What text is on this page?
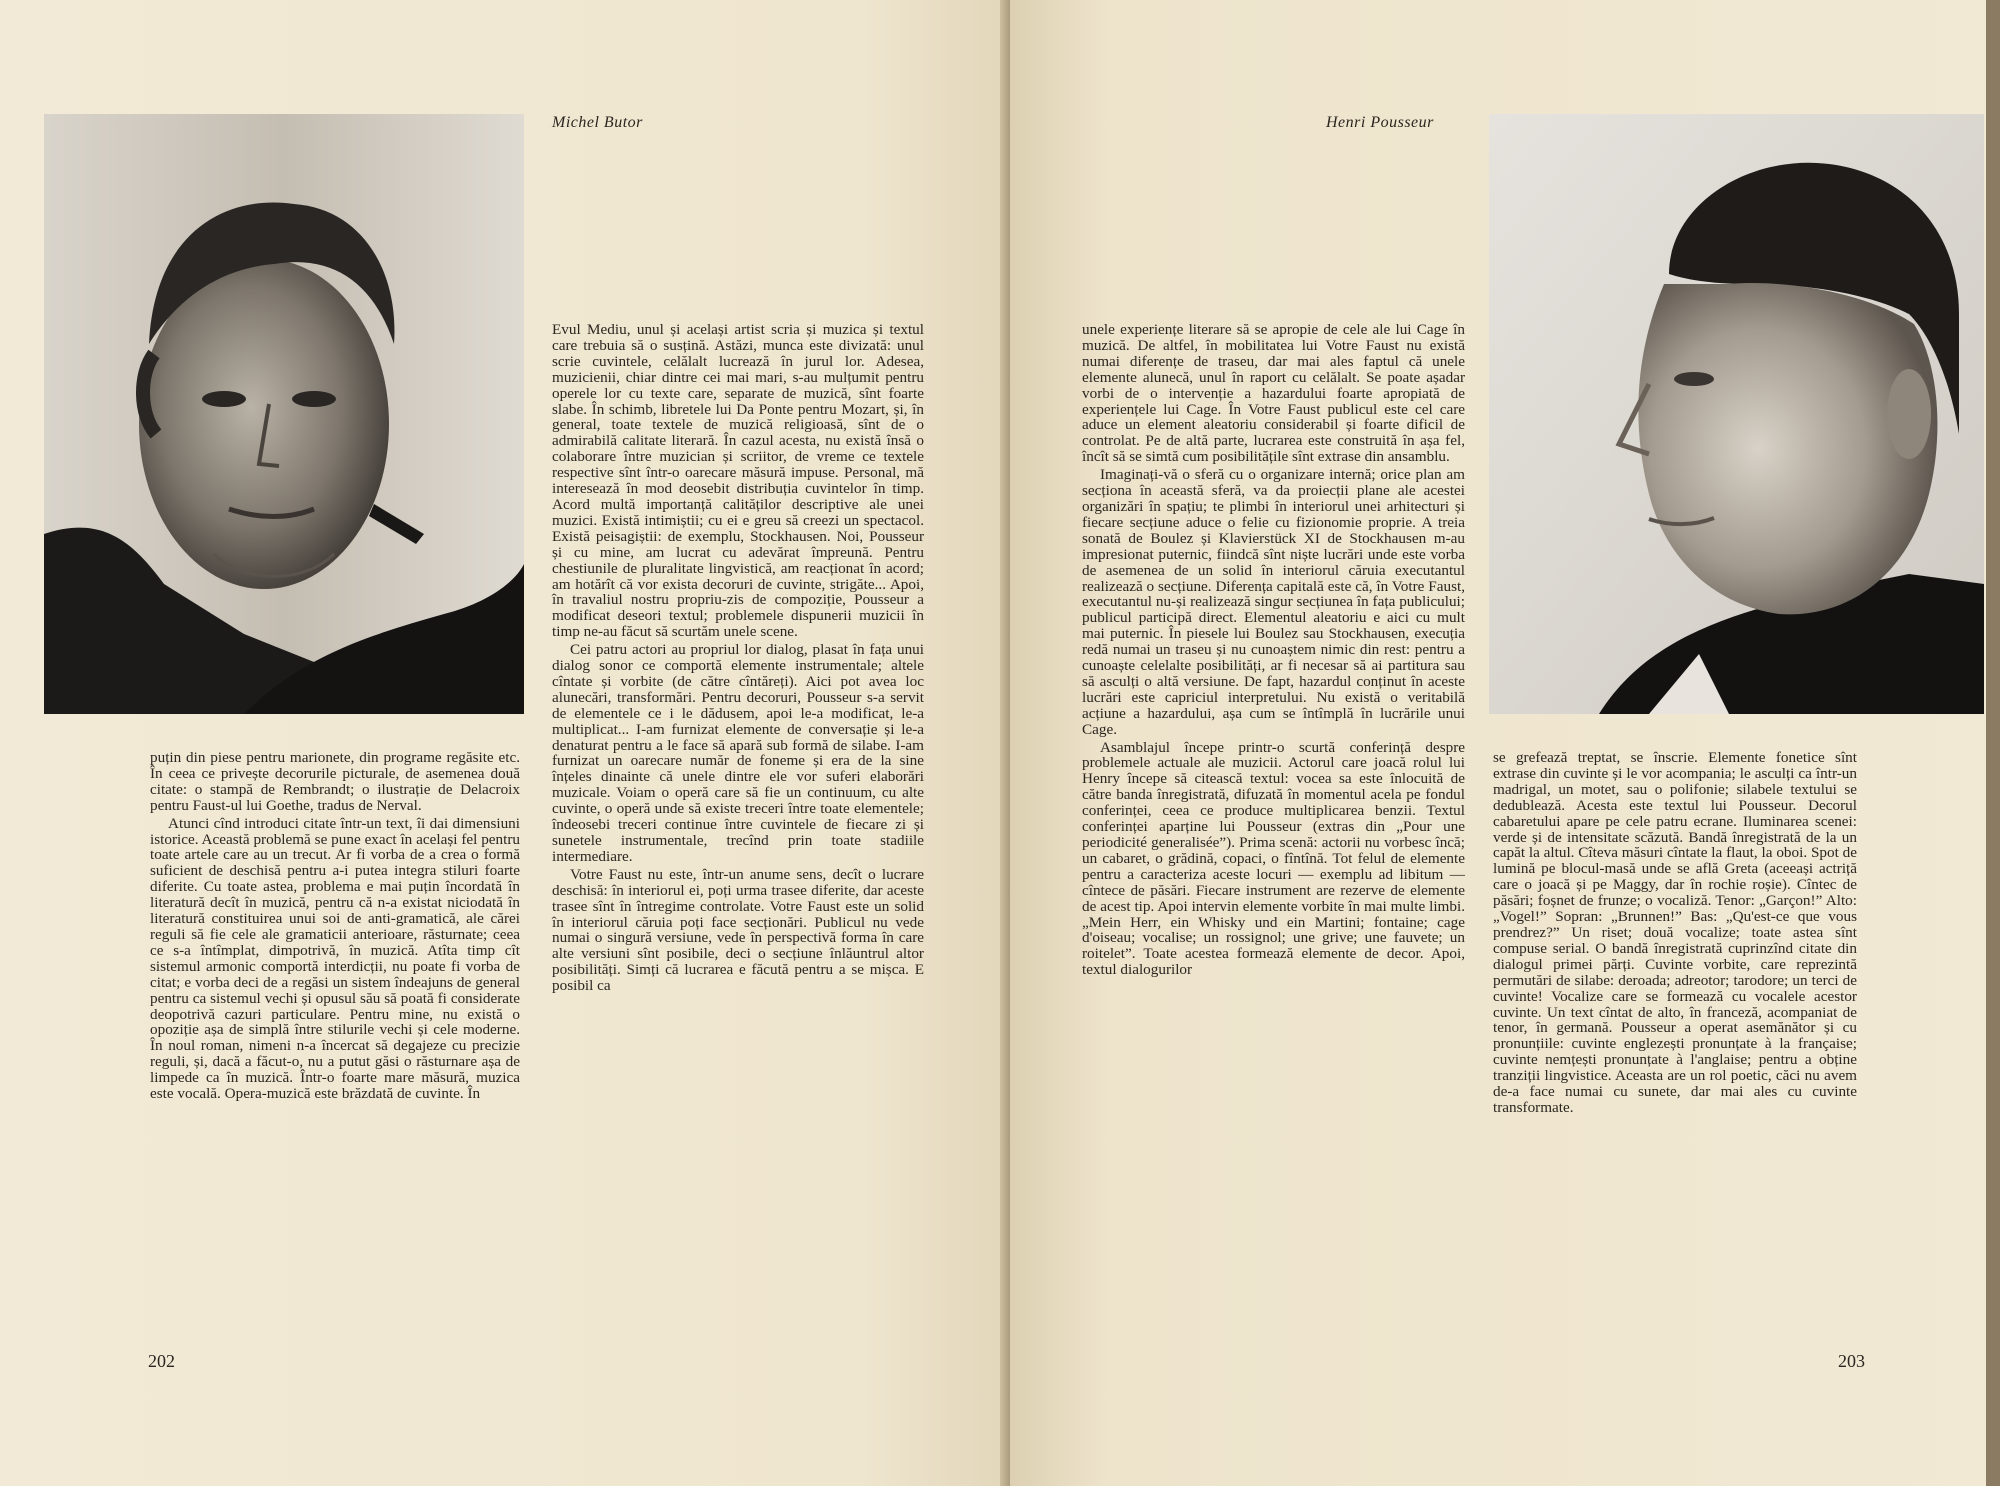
Michel Butor

puțin din piese pentru marionete, din programe regăsite etc. În ceea ce privește decorurile picturale, de asemenea două citate: o stampă de Rembrandt; o ilustrație de Delacroix pentru Faust-ul lui Goethe, tradus de Nerval.

Atunci cînd introduci citate într-un text, îi dai dimensiuni istorice. Această problemă se pune exact în același fel pentru toate artele care au un trecut. Ar fi vorba de a crea o formă suficient de deschisă pentru a-i putea integra stiluri foarte diferite. Cu toate astea, problema e mai puțin încordată în literatură decît în muzică, pentru că n-a existat niciodată în literatură constituirea unui soi de anti-gramatică, ale cărei reguli să fie cele ale gramaticii anterioare, răsturnate; ceea ce s-a întîmplat, dimpotrivă, în muzică. Atîta timp cît sistemul armonic comportă interdicții, nu poate fi vorba de citat; e vorba deci de a regăsi un sistem îndeajuns de general pentru ca sistemul vechi și opusul său să poată fi considerate deopotrivă cazuri particulare. Pentru mine, nu există o opoziție așa de simplă între stilurile vechi și cele moderne. În noul roman, nimeni n-a încercat să degajeze cu precizie reguli, și, dacă a făcut-o, nu a putut găsi o răsturnare așa de limpede ca în muzică. Într-o foarte mare măsură, muzica este vocală. Opera-muzică este brăzdată de cuvinte. În

Evul Mediu, unul și același artist scria și muzica și textul care trebuia să o susțină. Astăzi, munca este divizată: unul scrie cuvintele, celălalt lucrează în jurul lor. Adesea, muzicienii, chiar dintre cei mai mari, s-au mulțumit pentru operele lor cu texte care, separate de muzică, sînt foarte slabe. În schimb, libretele lui Da Ponte pentru Mozart, și, în general, toate textele de muzică religioasă, sînt de o admirabilă calitate literară. În cazul acesta, nu există însă o colaborare între muzician și scriitor, de vreme ce textele respective sînt într-o oarecare măsură impuse. Personal, mă interesează în mod deosebit distribuția cuvintelor în timp. Acord multă importanță calităților descriptive ale unei muzici. Există intimiștii; cu ei e greu să creezi un spectacol. Există peisagiștii: de exemplu, Stockhausen. Noi, Pousseur și cu mine, am lucrat cu adevărat împreună. Pentru chestiunile de pluralitate lingvistică, am reacționat în acord; am hotărît că vor exista decoruri de cuvinte, strigăte... Apoi, în travaliul nostru propriu-zis de compoziție, Pousseur a modificat deseori textul; problemele dispunerii muzicii în timp ne-au făcut să scurtăm unele scene.

Cei patru actori au propriul lor dialog, plasat în fața unui dialog sonor ce comportă elemente instrumentale; altele cîntate și vorbite (de către cîntăreți). Aici pot avea loc alunecări, transformări. Pentru decoruri, Pousseur s-a servit de elementele ce i le dădusem, apoi le-a modificat, le-a multiplicat... I-am furnizat elemente de conversație și le-a denaturat pentru a le face să apară sub formă de silabe. I-am furnizat un oarecare număr de foneme și era de la sine înțeles dinainte că unele dintre ele vor suferi elaborări muzicale. Voiam o operă care să fie un continuum, cu alte cuvinte, o operă unde să existe treceri între toate elementele; îndeosebi treceri continue între cuvintele de fiecare zi și sunetele instrumentale, trecînd prin toate stadiile intermediare.

Votre Faust nu este, într-un anume sens, decît o lucrare deschisă: în interiorul ei, poți urma trasee diferite, dar aceste trasee sînt în întregime controlate. Votre Faust este un solid în interiorul căruia poți face secționări. Publicul nu vede numai o singură versiune, vede în perspectivă forma în care alte versiuni sînt posibile, deci o secțiune înlăuntrul altor posibilități. Simți că lucrarea e făcută pentru a se mișca. E posibil ca

202
Henri Pousseur

unele experiențe literare să se apropie de cele ale lui Cage în muzică. De altfel, în mobilitatea lui Votre Faust nu există numai diferențe de traseu, dar mai ales faptul că unele elemente alunecă, unul în raport cu celălalt. Se poate așadar vorbi de o intervenție a hazardului foarte apropiată de experiențele lui Cage. În Votre Faust publicul este cel care aduce un element aleatoriu considerabil și foarte dificil de controlat. Pe de altă parte, lucrarea este construită în așa fel, încît să se simtă cum posibilitățile sînt extrase din ansamblu.

Imaginați-vă o sferă cu o organizare internă; orice plan am secționa în această sferă, va da proiecții plane ale acestei organizări în spațiu; te plimbi în interiorul unei arhitecturi și fiecare secțiune aduce o felie cu fizionomie proprie. A treia sonată de Boulez și Klavierstück XI de Stockhausen m-au impresionat puternic, fiindcă sînt niște lucrări unde este vorba de asemenea de un solid în interiorul căruia executantul realizează o secțiune. Diferența capitală este că, în Votre Faust, executantul nu-și realizează singur secțiunea în fața publicului; publicul participă direct. Elementul aleatoriu e aici cu mult mai puternic. În piesele lui Boulez sau Stockhausen, execuția redă numai un traseu și nu cunoaștem nimic din rest: pentru a cunoaște celelalte posibilități, ar fi necesar să ai partitura sau să asculți o altă versiune. De fapt, hazardul conținut în aceste lucrări este capriciul interpretului. Nu există o veritabilă acțiune a hazardului, așa cum se întîmplă în lucrările unui Cage.

Asamblajul începe printr-o scurtă conferință despre problemele actuale ale muzicii. Actorul care joacă rolul lui Henry începe să citească textul: vocea sa este înlocuită de către banda înregistrată, difuzată în momentul acela pe fondul conferinței, ceea ce produce multiplicarea benzii. Textul conferinței aparține lui Pousseur (extras din „Pour une periodicité generalisée”). Prima scenă: actorii nu vorbesc încă; un cabaret, o grădină, copaci, o fîntînă. Tot felul de elemente pentru a caracteriza aceste locuri — exemplu ad libitum — cîntece de păsări. Fiecare instrument are rezerve de elemente de acest tip. Apoi intervin elemente vorbite în mai multe limbi. „Mein Herr, ein Whisky und ein Martini; fontaine; cage d'oiseau; vocalise; un rossignol; une grive; une fauvete; un roitelet”. Toate acestea formează elemente de decor. Apoi, textul dialogurilor

se grefează treptat, se înscrie. Elemente fonetice sînt extrase din cuvinte și le vor acompania; le asculți ca într-un madrigal, un motet, sau o polifonie; silabele textului se dedublează. Acesta este textul lui Pousseur. Decorul cabaretului apare pe cele patru ecrane. Iluminarea scenei: verde și de intensitate scăzută. Bandă înregistrată de la un capăt la altul. Cîteva măsuri cîntate la flaut, la oboi. Spot de lumină pe blocul-masă unde se află Greta (aceeași actriță care o joacă și pe Maggy, dar în rochie roșie). Cîntec de păsări; foșnet de frunze; o vocaliză. Tenor: „Garçon!” Alto: „Vogel!” Sopran: „Brunnen!” Bas: „Qu'est-ce que vous prendrez?” Un riset; două vocalize; toate astea sînt compuse serial. O bandă înregistrată cuprinzînd citate din dialogul primei părți. Cuvinte vorbite, care reprezintă permutări de silabe: deroada; adreotor; tarodore; un terci de cuvinte! Vocalize care se formează cu vocalele acestor cuvinte. Un text cîntat de alto, în franceză, acompaniat de tenor, în germană. Pousseur a operat asemănător și cu pronunțiile: cuvinte englezești pronunțate à la française; cuvinte nemțești pronunțate à l'anglaise; pentru a obține tranziții lingvistice. Aceasta are un rol poetic, căci nu avem de-a face numai cu sunete, dar mai ales cu cuvinte transformate.

203
